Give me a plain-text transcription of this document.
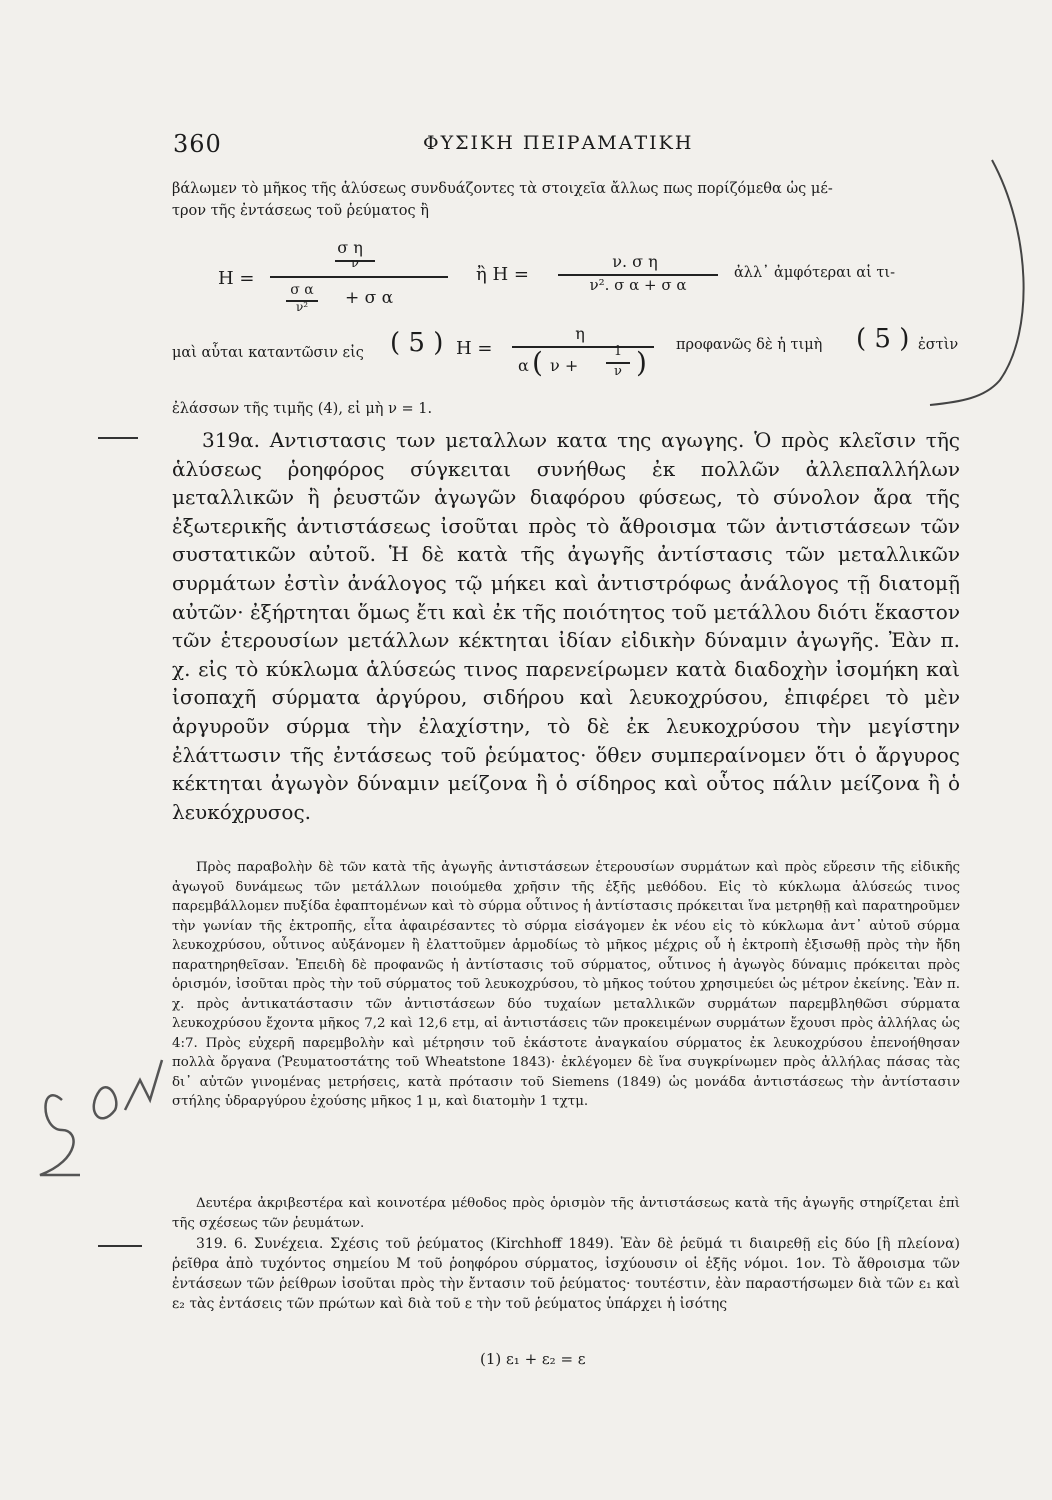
360	ΦΥΣΙΚΗ ΠΕΙΡΑΜΑΤΙΚΗ
βάλωμεν τὸ μῆκος τῆς ἁλύσεως συνδυάζοντες τὰ στοιχεῖα ἄλλως πως πορίζόμεθα ὡς μέ-
τρον τῆς ἐντάσεως τοῦ ῥεύματος ἢ
H =
σ η
ν
σ α
ν²	+ σ α
ἢ H =
ν. σ η
ν². σ α + σ α
ἀλλ᾽ ἀμφότεραι αἱ τι-
μαὶ αὗται καταντῶσιν εἰς ( 5 ) H =
η
α ( ν +
1
ν )
προφανῶς δὲ ἡ τιμὴ ( 5 ) ἐστὶν
ἐλάσσων τῆς τιμῆς (4), εἰ μὴ ν = 1.
319α. Αντιστασις των μεταλλων κατα της αγωγης. Ὁ πρὸς κλεῖσιν τῆς ἁλύσεως ῥοηφόρος σύγκειται συνήθως ἐκ πολλῶν ἀλλεπαλλήλων μεταλλικῶν ἢ ῥευστῶν ἀγωγῶν διαφόρου φύσεως, τὸ σύνολον ἄρα τῆς ἐξωτερικῆς ἀντιστάσεως ἰσοῦται πρὸς τὸ ἄθροισμα τῶν ἀντιστάσεων τῶν συστατικῶν αὐτοῦ. Ἡ δὲ κατὰ τῆς ἀγωγῆς ἀντίστασις τῶν μεταλλικῶν συρμάτων ἐστὶν ἀνάλογος τῷ μήκει καὶ ἀντιστρόφως ἀνάλογος τῇ διατομῇ αὐτῶν· ἐξήρτηται ὅμως ἔτι καὶ ἐκ τῆς ποιότητος τοῦ μετάλλου διότι ἕκαστον τῶν ἑτερουσίων μετάλλων κέκτηται ἰδίαν εἰδικὴν δύναμιν ἀγωγῆς. Ἐὰν π. χ. εἰς τὸ κύκλωμα ἁλύσεώς τινος παρενείρωμεν κατὰ διαδοχὴν ἰσομήκη καὶ ἰσοπαχῆ σύρματα ἀργύρου, σιδήρου καὶ λευκοχρύσου, ἐπιφέρει τὸ μὲν ἀργυροῦν σύρμα τὴν ἐλαχίστην, τὸ δὲ ἐκ λευκοχρύσου τὴν μεγίστην ἐλάττωσιν τῆς ἐντάσεως τοῦ ῥεύματος· ὅθεν συμπεραίνομεν ὅτι ὁ ἄργυρος κέκτηται ἀγωγὸν δύναμιν μείζονα ἢ ὁ σίδηρος καὶ οὗτος πάλιν μείζονα ἢ ὁ λευκόχρυσος.
Πρὸς παραβολὴν δὲ τῶν κατὰ τῆς ἀγωγῆς ἀντιστάσεων ἑτερουσίων συρμάτων καὶ πρὸς εὕρεσιν τῆς εἰδικῆς ἀγωγοῦ δυνάμεως τῶν μετάλλων ποιούμεθα χρῆσιν τῆς ἑξῆς μεθόδου. Εἰς τὸ κύκλωμα ἁλύσεώς τινος παρεμβάλλομεν πυξίδα ἐφαπτομένων καὶ τὸ σύρμα οὗτινος ἡ ἀντίστασις πρόκειται ἵνα μετρηθῇ καὶ παρατηροῦμεν τὴν γωνίαν τῆς ἐκτροπῆς, εἶτα ἀφαιρέσαντες τὸ σύρμα εἰσάγομεν ἐκ νέου εἰς τὸ κύκλωμα ἀντ᾽ αὐτοῦ σύρμα λευκοχρύσου, οὗτινος αὐξάνομεν ἢ ἐλαττοῦμεν ἁρμοδίως τὸ μῆκος μέχρις οὗ ἡ ἐκτροπὴ ἐξισωθῇ πρὸς τὴν ἤδη παρατηρηθεῖσαν. Ἐπειδὴ δὲ προφανῶς ἡ ἀντίστασις τοῦ σύρματος, οὗτινος ἡ ἀγωγὸς δύναμις πρόκειται πρὸς ὁρισμόν, ἰσοῦται πρὸς τὴν τοῦ σύρματος τοῦ λευκοχρύσου, τὸ μῆκος τούτου χρησιμεύει ὡς μέτρον ἐκείνης. Ἐὰν π. χ. πρὸς ἀντικατάστασιν τῶν ἀντιστάσεων δύο τυχαίων μεταλλικῶν συρμάτων παρεμβληθῶσι σύρματα λευκοχρύσου ἔχοντα μῆκος 7,2 καὶ 12,6 ετμ, αἱ ἀντιστάσεις τῶν προκειμένων συρμάτων ἔχουσι πρὸς ἀλλήλας ὡς 4:7. Πρὸς εὐχερῆ παρεμβολὴν καὶ μέτρησιν τοῦ ἑκάστοτε ἀναγκαίου σύρματος ἐκ λευκοχρύσου ἐπενοήθησαν πολλὰ ὄργανα (Ῥευματοστάτης τοῦ Wheatstone 1843)· ἐκλέγομεν δὲ ἵνα συγκρίνωμεν πρὸς ἀλλήλας πάσας τὰς δι᾽ αὐτῶν γινομένας μετρήσεις, κατὰ πρότασιν τοῦ Siemens (1849) ὡς μονάδα ἀντιστάσεως τὴν ἀντίστασιν στήλης ὑδραργύρου ἐχούσης μῆκος 1 μ, καὶ διατομὴν 1 τχτμ.
Δευτέρα ἀκριβεστέρα καὶ κοινοτέρα μέθοδος πρὸς ὁρισμὸν τῆς ἀντιστάσεως κατὰ τῆς ἀγωγῆς στηρίζεται ἐπὶ τῆς σχέσεως τῶν ῥευμάτων.
319. 6. Συνέχεια. Σχέσις τοῦ ῥεύματος (Kirchhoff 1849). Ἐὰν δὲ ῥεῦμά τι διαιρεθῇ εἰς δύο [ἢ πλείονα) ῥεῖθρα ἀπὸ τυχόντος σημείου M τοῦ ῥοηφόρου σύρματος, ἰσχύουσιν οἱ ἑξῆς νόμοι. 1ον. Τὸ ἄθροισμα τῶν ἐντάσεων τῶν ῥείθρων ἰσοῦται πρὸς τὴν ἔντασιν τοῦ ῥεύματος· τουτέστιν, ἐὰν παραστήσωμεν διὰ τῶν ε₁ καὶ ε₂ τὰς ἐντάσεις τῶν πρώτων καὶ διὰ τοῦ ε τὴν τοῦ ῥεύματος ὑπάρχει ἡ ἰσότης
(1) ε₁ + ε₂ = ε
